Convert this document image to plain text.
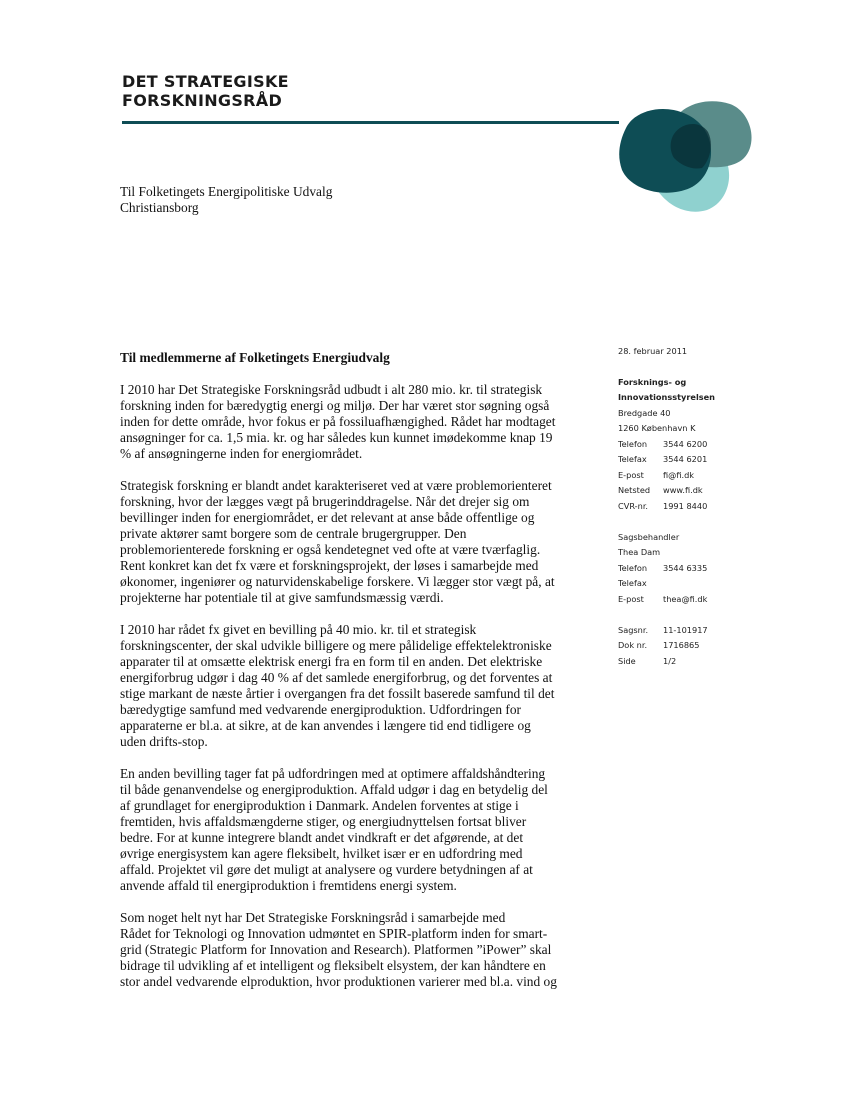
DET STRATEGISKE
FORSKNINGSRÅD
Til Folketingets Energipolitiske Udvalg
Christiansborg
Til medlemmerne af Folketingets Energiudvalg
I 2010 har Det Strategiske Forskningsråd udbudt i alt 280 mio. kr. til strategisk
forskning inden for bæredygtig energi og miljø. Der har været stor søgning også
inden for dette område, hvor fokus er på fossiluafhængighed. Rådet har modtaget
ansøgninger for ca. 1,5 mia. kr. og har således kun kunnet imødekomme knap 19
% af ansøgningerne inden for energiområdet.
Strategisk forskning er blandt andet karakteriseret ved at være problemorienteret
forskning, hvor der lægges vægt på brugerinddragelse. Når det drejer sig om
bevillinger inden for energiområdet, er det relevant at anse både offentlige og
private aktører samt borgere som de centrale brugergrupper. Den
problemorienterede forskning er også kendetegnet ved ofte at være tværfaglig.
Rent konkret kan det fx være et forskningsprojekt, der løses i samarbejde med
økonomer, ingeniører og naturvidenskabelige forskere. Vi lægger stor vægt på, at
projekterne har potentiale til at give samfundsmæssig værdi.
I 2010 har rådet fx givet en bevilling på 40 mio. kr. til et strategisk
forskningscenter, der skal udvikle billigere og mere pålidelige effektelektroniske
apparater til at omsætte elektrisk energi fra en form til en anden. Det elektriske
energiforbrug udgør i dag 40 % af det samlede energiforbrug, og det forventes at
stige markant de næste årtier i overgangen fra det fossilt baserede samfund til det
bæredygtige samfund med vedvarende energiproduktion. Udfordringen for
apparaterne er bl.a. at sikre, at de kan anvendes i længere tid end tidligere og
uden drifts-stop.
En anden bevilling tager fat på udfordringen med at optimere affaldshåndtering
til både genanvendelse og energiproduktion. Affald udgør i dag en betydelig del
af grundlaget for energiproduktion i Danmark. Andelen forventes at stige i
fremtiden, hvis affaldsmængderne stiger, og energiudnyttelsen fortsat bliver
bedre. For at kunne integrere blandt andet vindkraft er det afgørende, at det
øvrige energisystem kan agere fleksibelt, hvilket især er en udfordring med
affald. Projektet vil gøre det muligt at analysere og vurdere betydningen af at
anvende affald til energiproduktion i fremtidens energi system.
Som noget helt nyt har Det Strategiske Forskningsråd i samarbejde med
Rådet for Teknologi og Innovation udmøntet en SPIR-platform inden for smart-
grid (Strategic Platform for Innovation and Research). Platformen ”iPower” skal
bidrage til udvikling af et intelligent og fleksibelt elsystem, der kan håndtere en
stor andel vedvarende elproduktion, hvor produktionen varierer med bl.a. vind og
28. februar 2011
Forsknings- og
Innovationsstyrelsen
Bredgade 40
1260 København K
Telefon	3544 6200
Telefax	3544 6201
E-post	fi@fi.dk
Netsted	www.fi.dk
CVR-nr.	1991 8440
Sagsbehandler
Thea Dam
Telefon	3544 6335
Telefax
E-post	thea@fi.dk
Sagsnr.	11-101917
Dok nr.	1716865
Side	1/2
